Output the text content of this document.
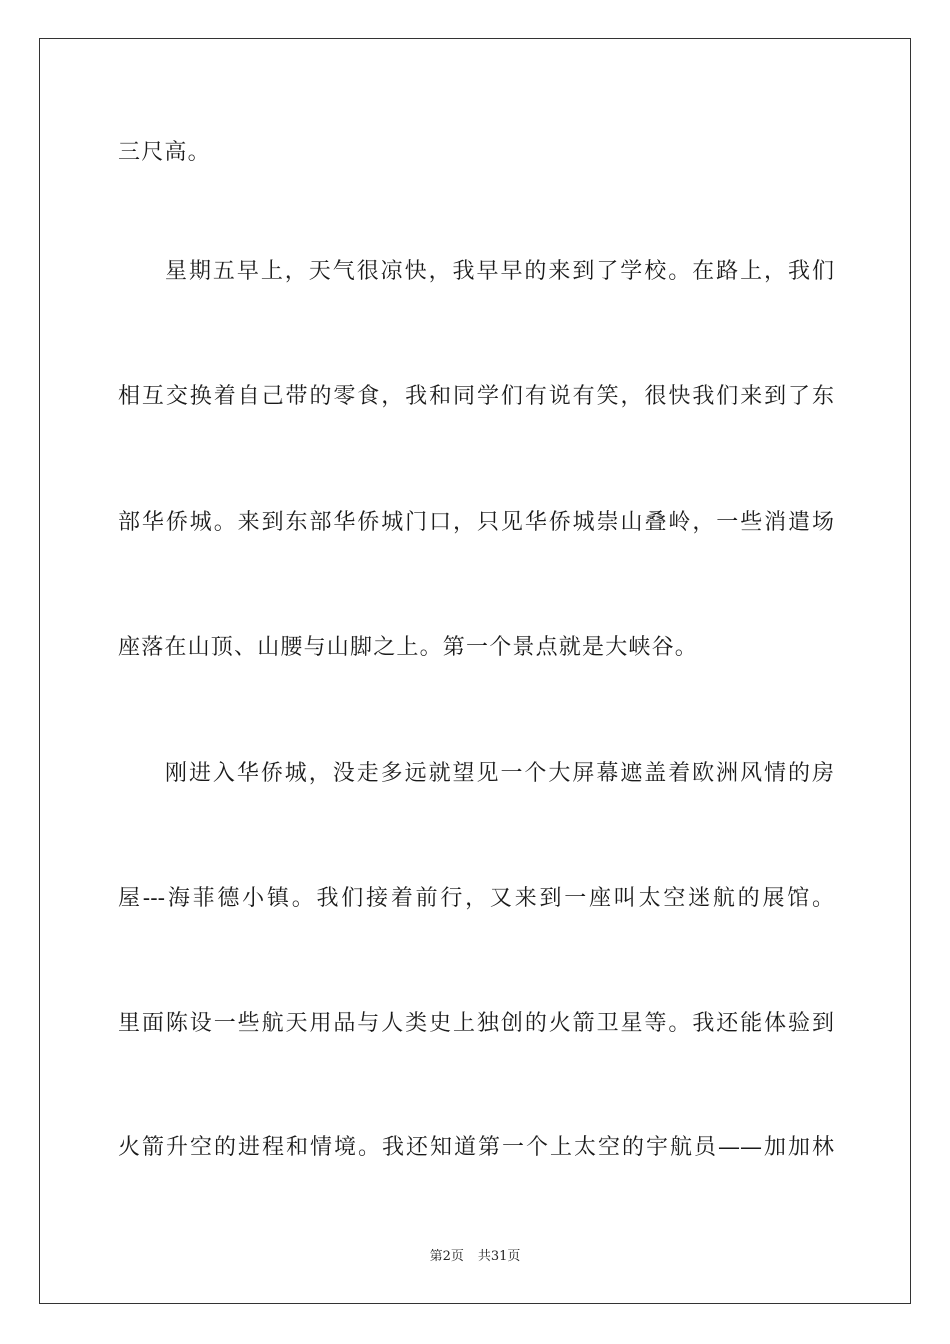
三尺高。
星期五早上，天气很凉快，我早早的来到了学校。在路上，我们
相互交换着自己带的零食，我和同学们有说有笑，很快我们来到了东
部华侨城。来到东部华侨城门口，只见华侨城崇山叠岭，一些消遣场
座落在山顶、山腰与山脚之上。第一个景点就是大峡谷。
刚进入华侨城，没走多远就望见一个大屏幕遮盖着欧洲风情的房
屋---海菲德小镇。我们接着前行，又来到一座叫太空迷航的展馆。
里面陈设一些航天用品与人类史上独创的火箭卫星等。我还能体验到
火箭升空的进程和情境。我还知道第一个上太空的宇航员——加加林
第2页 共31页
